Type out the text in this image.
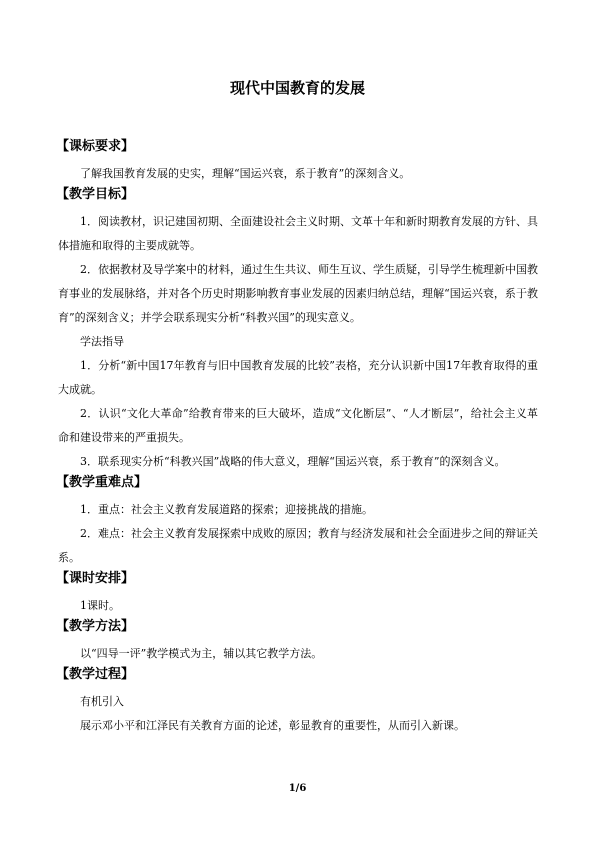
现代中国教育的发展
【课标要求】
了解我国教育发展的史实，理解“国运兴衰，系于教育”的深刻含义。
【教学目标】
1．阅读教材，识记建国初期、全面建设社会主义时期、文革十年和新时期教育发展的方针、具体措施和取得的主要成就等。
2．依据教材及导学案中的材料，通过生生共议、师生互议、学生质疑，引导学生梳理新中国教育事业的发展脉络，并对各个历史时期影响教育事业发展的因素归纳总结，理解“国运兴衰，系于教育”的深刻含义；并学会联系现实分析“科教兴国”的现实意义。
学法指导
1．分析“新中国17年教育与旧中国教育发展的比较”表格，充分认识新中国17年教育取得的重大成就。
2．认识“文化大革命”给教育带来的巨大破坏，造成“文化断层”、“人才断层”，给社会主义革命和建设带来的严重损失。
3．联系现实分析“科教兴国”战略的伟大意义，理解“国运兴衰，系于教育”的深刻含义。
【教学重难点】
1．重点：社会主义教育发展道路的探索；迎接挑战的措施。
2．难点：社会主义教育发展探索中成败的原因；教育与经济发展和社会全面进步之间的辩证关系。
【课时安排】
1课时。
【教学方法】
以“四导一评”教学模式为主，辅以其它教学方法。
【教学过程】
有机引入
展示邓小平和江泽民有关教育方面的论述，彰显教育的重要性，从而引入新课。
1/6
